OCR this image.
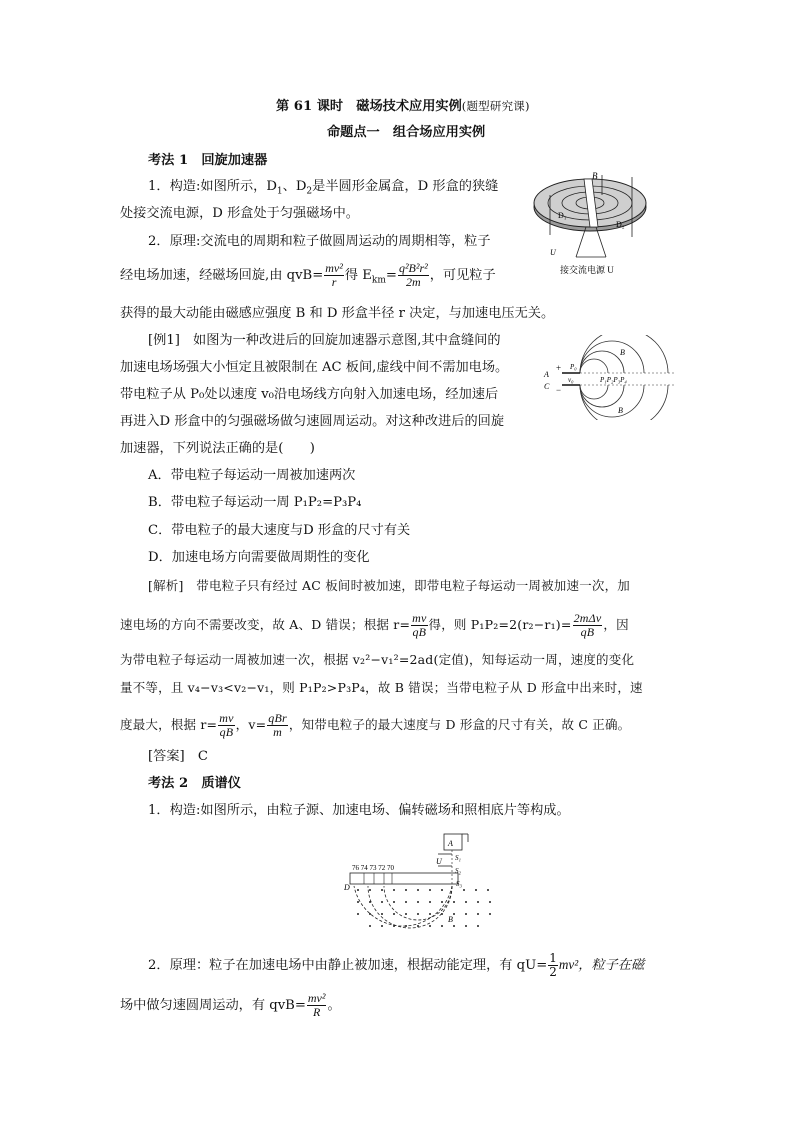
第 61 课时　磁场技术应用实例(题型研究课)
命题点一　组合场应用实例
考法 1　回旋加速器
1．构造:如图所示，$D_1$、$D_2$是半圆形金属盒，D 形盒的狭缝
处接交流电源，D 形盒处于匀强磁场中。
2．原理:交流电的周期和粒子做圆周运动的周期相等，粒子
经电场加速，经磁场回旋,由 $qvB= \frac{\text{mv²}}{r}$ 得 $E_{km}= \frac{\text{q²B²r²}}{2m}$ ，可见粒子
获得的最大动能由磁感应强度 B 和 D 形盒半径 r 决定，与加速电压无关。
B
D₁
D₂
U
接交流电源 U
[例1]　如图为一种改进后的回旋加速器示意图,其中盒缝间的
加速电场场强大小恒定且被限制在 AC 板间,虚线中间不需加电场。
带电粒子从 P₀处以速度 v₀沿电场线方向射入加速电场，经加速后
再进入D 形盒中的匀强磁场做匀速圆周运动。对这种改进后的回旋
加速器，下列说法正确的是(　　)
A．带电粒子每运动一周被加速两次
B．带电粒子每运动一周 P₁P₂=P₃P₄
C．带电粒子的最大速度与D 形盒的尺寸有关
D．加速电场方向需要做周期性的变化
A
C
+
−
P₀
v₀	P₁P₂P₃P₄
B
B
[解析]　带电粒子只有经过 AC 板间时被加速，即带电粒子每运动一周被加速一次，加
速电场的方向不需要改变，故 A、D 错误；根据 $r= \frac{mv}{qB}$ 得，则 $P_1P_2=2(r_2-r_1)= \frac{\text{2mΔv}}{qB}$ ，因
为带电粒子每运动一周被加速一次，根据 v₂²−v₁²=2ad(定值)，知每运动一周，速度的变化
量不等，且 v₄−v₃<v₂−v₁，则 P₁P₂>P₃P₄，故 B 错误；当带电粒子从 D 形盒中出来时，速
度最大，根据 $r= \frac{mv}{qB}$ ，$v= \frac{\text{qBr}}{m}$ ，知带电粒子的最大速度与 D 形盒的尺寸有关，故 C 正确。
[答案]　C
考法 2　质谱仪
1．构造:如图所示，由粒子源、加速电场、偏转磁场和照相底片等构成。
76 74 73 72 70
A
U S₁
S₂
S₃
D
B
2．原理：粒子在加速电场中由静止被加速，根据动能定理，有 $qU= \frac{1}{2} mv^2$，粒子在磁
场中做匀速圆周运动，有 $qvB= \frac{\text{mv²}}{R}$ 。
